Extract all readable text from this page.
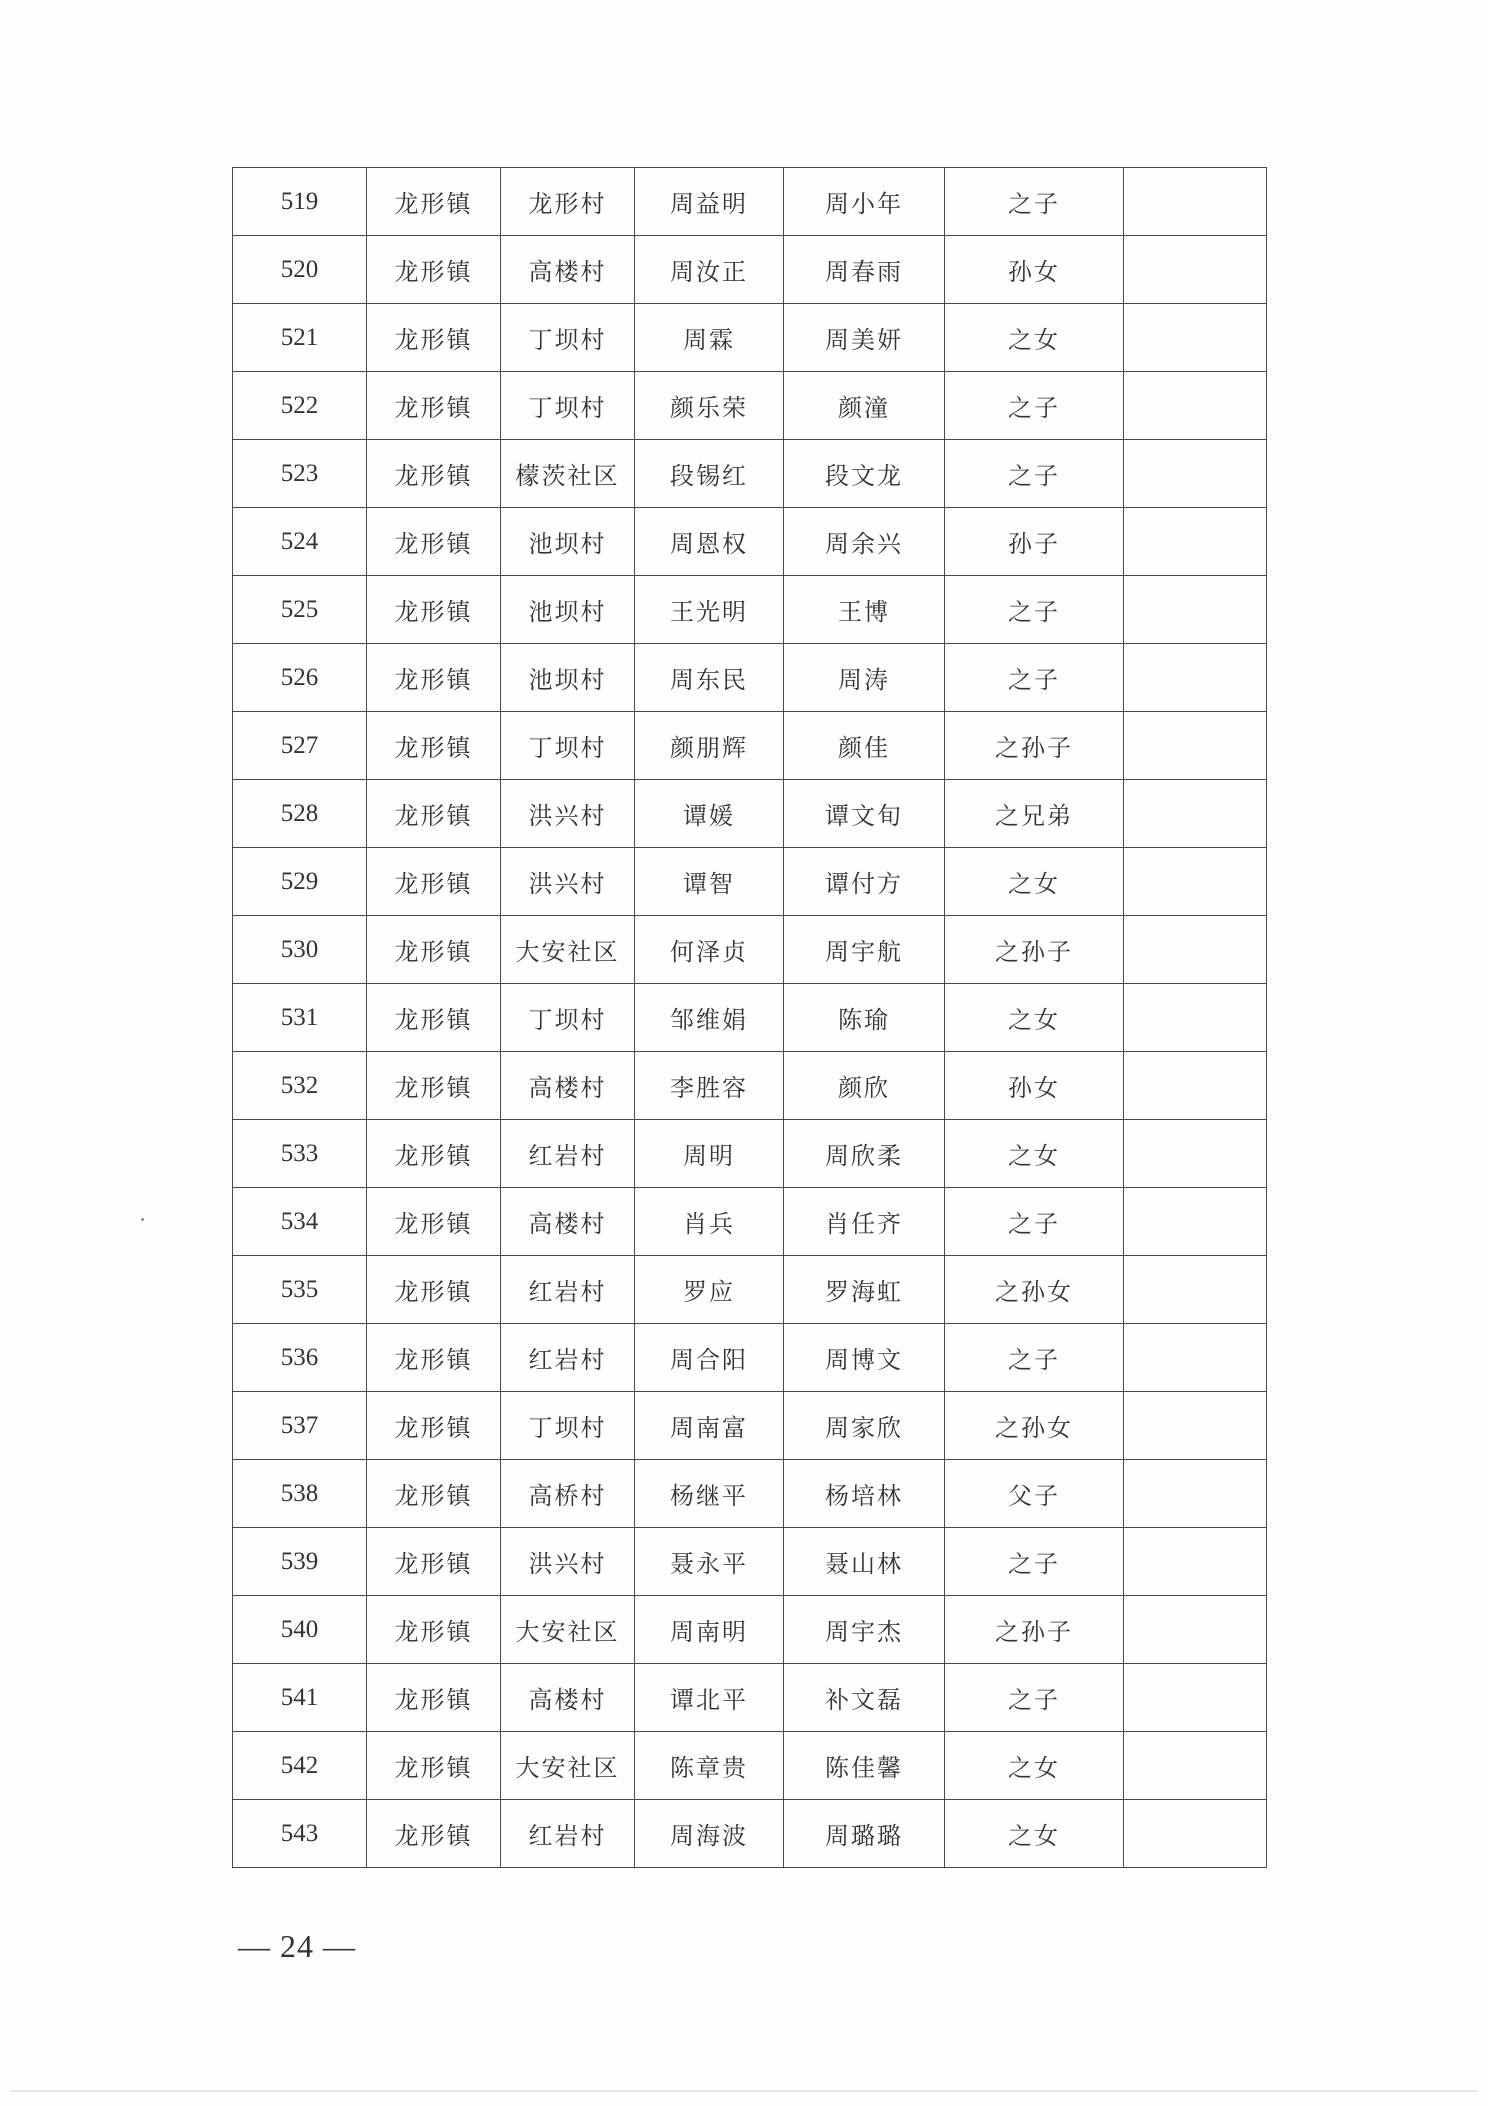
519	龙形镇	龙形村	周益明	周小年	之子	
520	龙形镇	高楼村	周汝正	周春雨	孙女	
521	龙形镇	丁坝村	周霖	周美妍	之女	
522	龙形镇	丁坝村	颜乐荣	颜潼	之子	
523	龙形镇	檬茨社区	段锡红	段文龙	之子	
524	龙形镇	池坝村	周恩权	周余兴	孙子	
525	龙形镇	池坝村	王光明	王博	之子	
526	龙形镇	池坝村	周东民	周涛	之子	
527	龙形镇	丁坝村	颜朋辉	颜佳	之孙子	
528	龙形镇	洪兴村	谭媛	谭文旬	之兄弟	
529	龙形镇	洪兴村	谭智	谭付方	之女	
530	龙形镇	大安社区	何泽贞	周宇航	之孙子	
531	龙形镇	丁坝村	邹维娟	陈瑜	之女	
532	龙形镇	高楼村	李胜容	颜欣	孙女	
533	龙形镇	红岩村	周明	周欣柔	之女	
534	龙形镇	高楼村	肖兵	肖任齐	之子	
535	龙形镇	红岩村	罗应	罗海虹	之孙女	
536	龙形镇	红岩村	周合阳	周博文	之子	
537	龙形镇	丁坝村	周南富	周家欣	之孙女	
538	龙形镇	高桥村	杨继平	杨培林	父子	
539	龙形镇	洪兴村	聂永平	聂山林	之子	
540	龙形镇	大安社区	周南明	周宇杰	之孙子	
541	龙形镇	高楼村	谭北平	补文磊	之子	
542	龙形镇	大安社区	陈章贵	陈佳馨	之女	
543	龙形镇	红岩村	周海波	周璐璐	之女	
— 24 —
